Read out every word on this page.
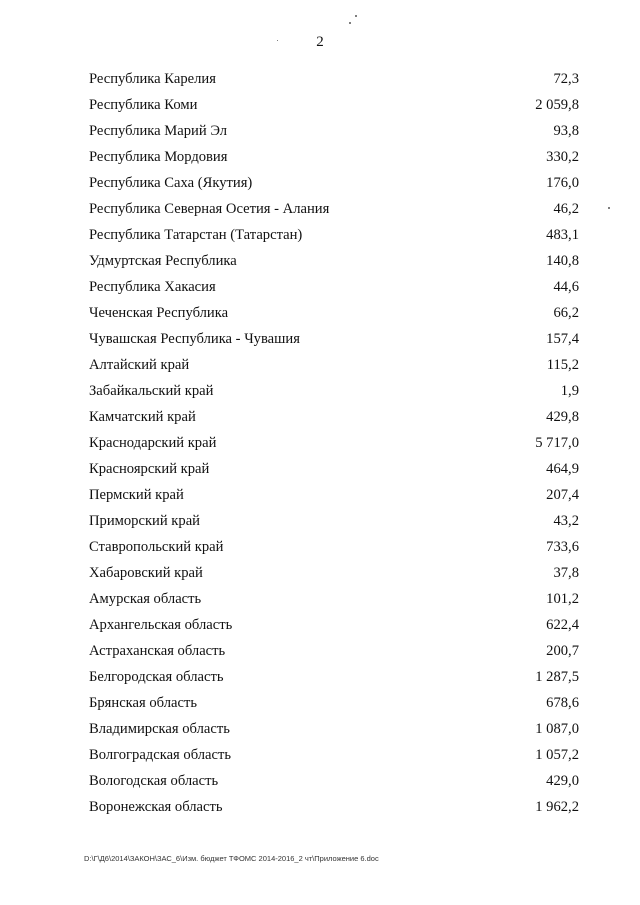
2
Республика Карелия	72,3
Республика Коми	2 059,8
Республика Марий Эл	93,8
Республика Мордовия	330,2
Республика Саха (Якутия)	176,0
Республика Северная Осетия - Алания	46,2
Республика Татарстан (Татарстан)	483,1
Удмуртская Республика	140,8
Республика Хакасия	44,6
Чеченская Республика	66,2
Чувашская Республика - Чувашия	157,4
Алтайский край	115,2
Забайкальский край	1,9
Камчатский край	429,8
Краснодарский край	5 717,0
Красноярский край	464,9
Пермский край	207,4
Приморский край	43,2
Ставропольский край	733,6
Хабаровский край	37,8
Амурская область	101,2
Архангельская область	622,4
Астраханская область	200,7
Белгородская область	1 287,5
Брянская область	678,6
Владимирская область	1 087,0
Волгоградская область	1 057,2
Вологодская область	429,0
Воронежская область	1 962,2
D:\Г\Д6\2014\ЗАКОН\ЗАС_6\Изм. бюджет ТФОМС 2014-2016_2 чт\Приложение 6.doc
